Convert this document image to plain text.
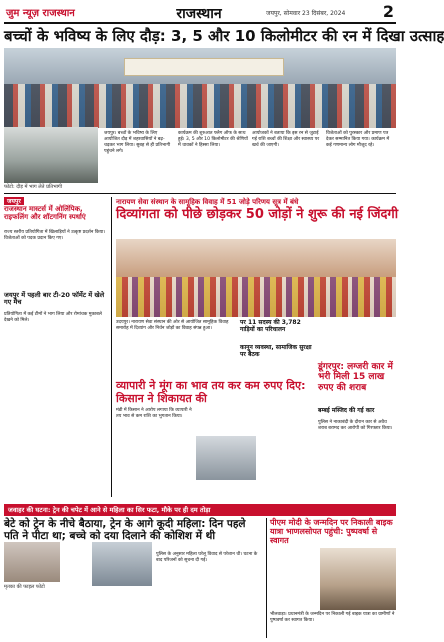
जुम न्यूज़ राजस्थान	राजस्थान	जयपुर, सोमवार 23 दिसंबर, 2024 2
बच्चों के भविष्य के लिए दौड़: 3, 5 और 10 किलोमीटर की रन में दिखा उत्साह
फोटो: दौड़ में भाग लेते प्रतिभागी
जयपुर। बच्चों के भविष्य के लिए आयोजित दौड़ में शहरवासियों ने बढ़-चढ़कर भाग लिया। सुबह से ही प्रतिभागी पहुंचने लगे।
कार्यक्रम की शुरुआत फ्लैग ऑफ के साथ हुई। 3, 5 और 10 किलोमीटर की श्रेणियों में धावकों ने हिस्सा लिया।
आयोजकों ने बताया कि इस रन से जुटाई गई राशि बच्चों की शिक्षा और स्वास्थ्य पर खर्च की जाएगी।
विजेताओं को पुरस्कार और प्रमाण पत्र देकर सम्मानित किया गया। कार्यक्रम में कई गणमान्य लोग मौजूद रहे।
जयपुर
राजस्थान मास्टर्स में ओलिंपिक, राइफलिंग और शॉटगनिंग स्पर्धाएं
राज्य स्तरीय प्रतियोगिता में खिलाड़ियों ने उत्कृष्ट प्रदर्शन किया। विजेताओं को पदक प्रदान किए गए।
जयपुर में पहली बार टी-20 फॉर्मेट में खेले गए मैच
प्रतियोगिता में कई टीमों ने भाग लिया और रोमांचक मुकाबले देखने को मिले।
नारायण सेवा संस्थान के सामूहिक विवाह में 51 जोड़े परिणय सूत्र में बंधे
दिव्यांगता को पीछे छोड़कर 50 जोड़ों ने शुरू की नई जिंदगी
उदयपुर। नारायण सेवा संस्थान की ओर से आयोजित सामूहिक विवाह समारोह में दिव्यांग और निर्धन जोड़ों का विवाह संपन्न हुआ।
पर 11 सदस्य की 3,782 गाड़ियों का परिचालन
कानून व्यवस्था, सामाजिक सुरक्षा पर बैठक
व्यापारी ने मूंग का भाव तय कर कम रुपए दिए: किसान ने शिकायत की
मंडी में किसान ने आरोप लगाया कि व्यापारी ने तय भाव से कम राशि का भुगतान किया।
डूंगरपुर: लग्जरी कार में भरी मिली 15 लाख रुपए की शराब
बम्बई मस्जिद की गई कार
पुलिस ने नाकाबंदी के दौरान कार से अवैध शराब बरामद कर आरोपी को गिरफ्तार किया।
जवाहर की घटना: ट्रेन की चपेट में आने से महिला का सिर फटा, मौके पर ही दम तोड़ा
बेटे को ट्रेन के नीचे बैठाया, ट्रेन के आगे कूदी महिला: दिन पहले पति ने पीटा था; बच्चे को दया दिलाने की कोशिश में थी
मृतका की फाइल फोटो
पुलिस के अनुसार महिला घरेलू विवाद से परेशान थी। घटना के बाद परिजनों को सूचना दी गई।
पीएम मोदी के जन्मदिन पर निकाली बाइक यात्रा भाणलसोपत पहुंची: पुष्पवर्षा से स्वागत
भीलवाड़ा। प्रधानमंत्री के जन्मदिन पर निकाली गई बाइक यात्रा का ग्रामीणों ने पुष्पवर्षा कर स्वागत किया।
